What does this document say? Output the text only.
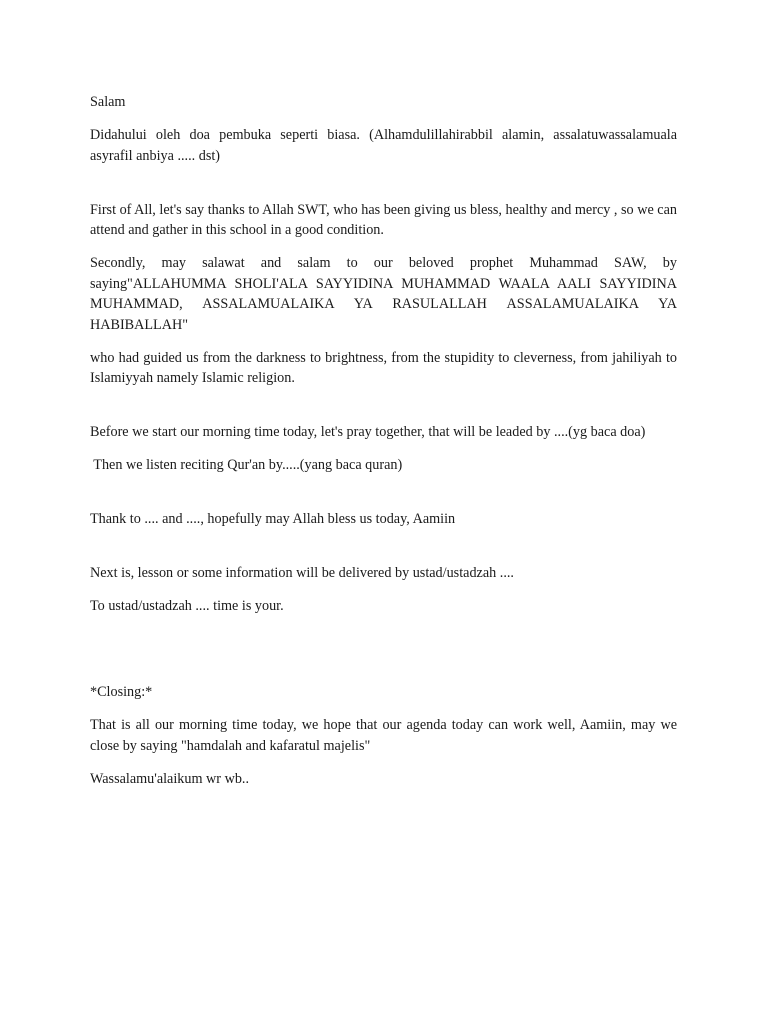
Salam

Didahului oleh doa pembuka seperti biasa. (Alhamdulillahirabbil alamin, assalatuwassalamuala asyrafil anbiya ..... dst)

First of All, let's say thanks to Allah SWT, who has been giving us bless, healthy and mercy , so we can attend and gather in this school in a good condition.

Secondly, may salawat and salam to our beloved prophet Muhammad SAW, by saying"ALLAHUMMA SHOLI'ALA SAYYIDINA MUHAMMAD WAALA AALI SAYYIDINA MUHAMMAD, ASSALAMUALAIKA YA RASULALLAH ASSALAMUALAIKA YA HABIBALLAH"

who had guided us from the darkness to brightness, from the stupidity to cleverness, from jahiliyah to Islamiyyah namely Islamic religion.

Before we start our morning time today, let's pray together, that will be leaded by ....(yg baca doa)

Then we listen reciting Qur'an by.....(yang baca quran)

Thank to .... and ...., hopefully may Allah bless us today, Aamiin

Next is, lesson or some information will be delivered by ustad/ustadzah ....

To ustad/ustadzah .... time is your.

*Closing:*

That is all our morning time today, we hope that our agenda today can work well, Aamiin, may we close by saying "hamdalah and kafaratul majelis"

Wassalamu'alaikum wr wb..
